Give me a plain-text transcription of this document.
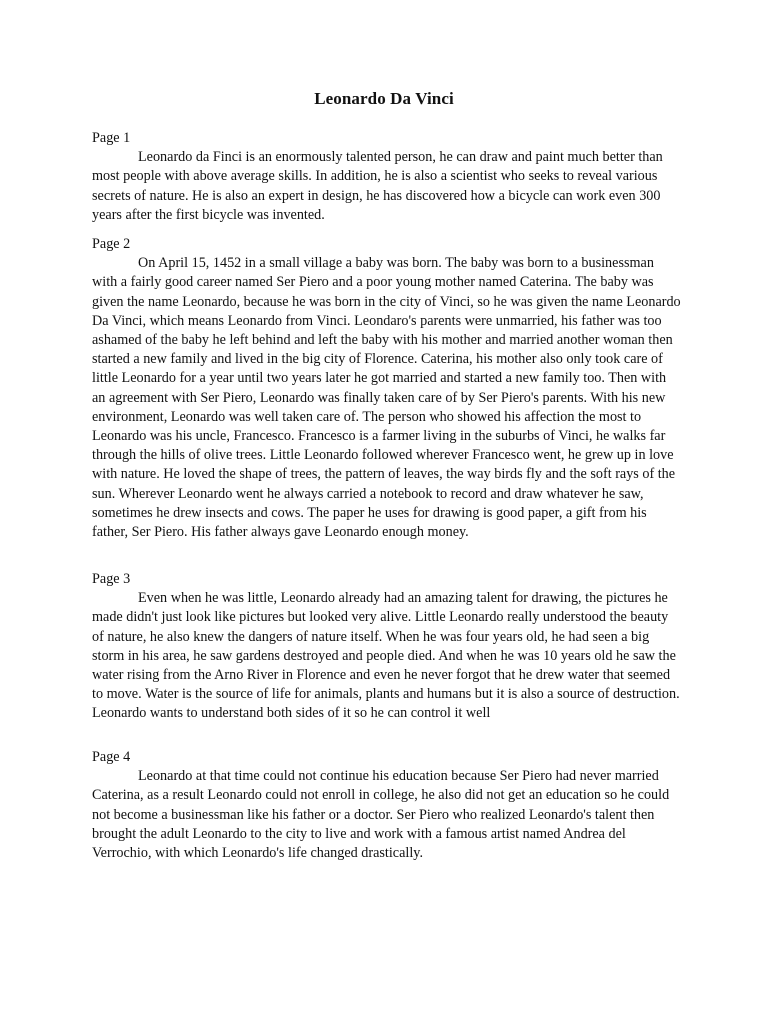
Leonardo Da Vinci

Page 1

Leonardo da Finci is an enormously talented person, he can draw and paint much better than most people with above average skills. In addition, he is also a scientist who seeks to reveal various secrets of nature. He is also an expert in design, he has discovered how a bicycle can work even 300 years after the first bicycle was invented.

Page 2

On April 15, 1452 in a small village a baby was born. The baby was born to a businessman with a fairly good career named Ser Piero and a poor young mother named Caterina. The baby was given the name Leonardo, because he was born in the city of Vinci, so he was given the name Leonardo Da Vinci, which means Leonardo from Vinci. Leondaro's parents were unmarried, his father was too ashamed of the baby he left behind and left the baby with his mother and married another woman then started a new family and lived in the big city of Florence. Caterina, his mother also only took care of little Leonardo for a year until two years later he got married and started a new family too. Then with an agreement with Ser Piero, Leonardo was finally taken care of by Ser Piero's parents. With his new environment, Leonardo was well taken care of. The person who showed his affection the most to Leonardo was his uncle, Francesco. Francesco is a farmer living in the suburbs of Vinci, he walks far through the hills of olive trees. Little Leonardo followed wherever Francesco went, he grew up in love with nature. He loved the shape of trees, the pattern of leaves, the way birds fly and the soft rays of the sun. Wherever Leonardo went he always carried a notebook to record and draw whatever he saw, sometimes he drew insects and cows. The paper he uses for drawing is good paper, a gift from his father, Ser Piero. His father always gave Leonardo enough money.

Page 3

Even when he was little, Leonardo already had an amazing talent for drawing, the pictures he made didn't just look like pictures but looked very alive. Little Leonardo really understood the beauty of nature, he also knew the dangers of nature itself. When he was four years old, he had seen a big storm in his area, he saw gardens destroyed and people died. And when he was 10 years old he saw the water rising from the Arno River in Florence and even he never forgot that he drew water that seemed to move. Water is the source of life for animals, plants and humans but it is also a source of destruction. Leonardo wants to understand both sides of it so he can control it well

Page 4

Leonardo at that time could not continue his education because Ser Piero had never married Caterina, as a result Leonardo could not enroll in college, he also did not get an education so he could not become a businessman like his father or a doctor. Ser Piero who realized Leonardo's talent then brought the adult Leonardo to the city to live and work with a famous artist named Andrea del Verrochio, with which Leonardo's life changed drastically.
